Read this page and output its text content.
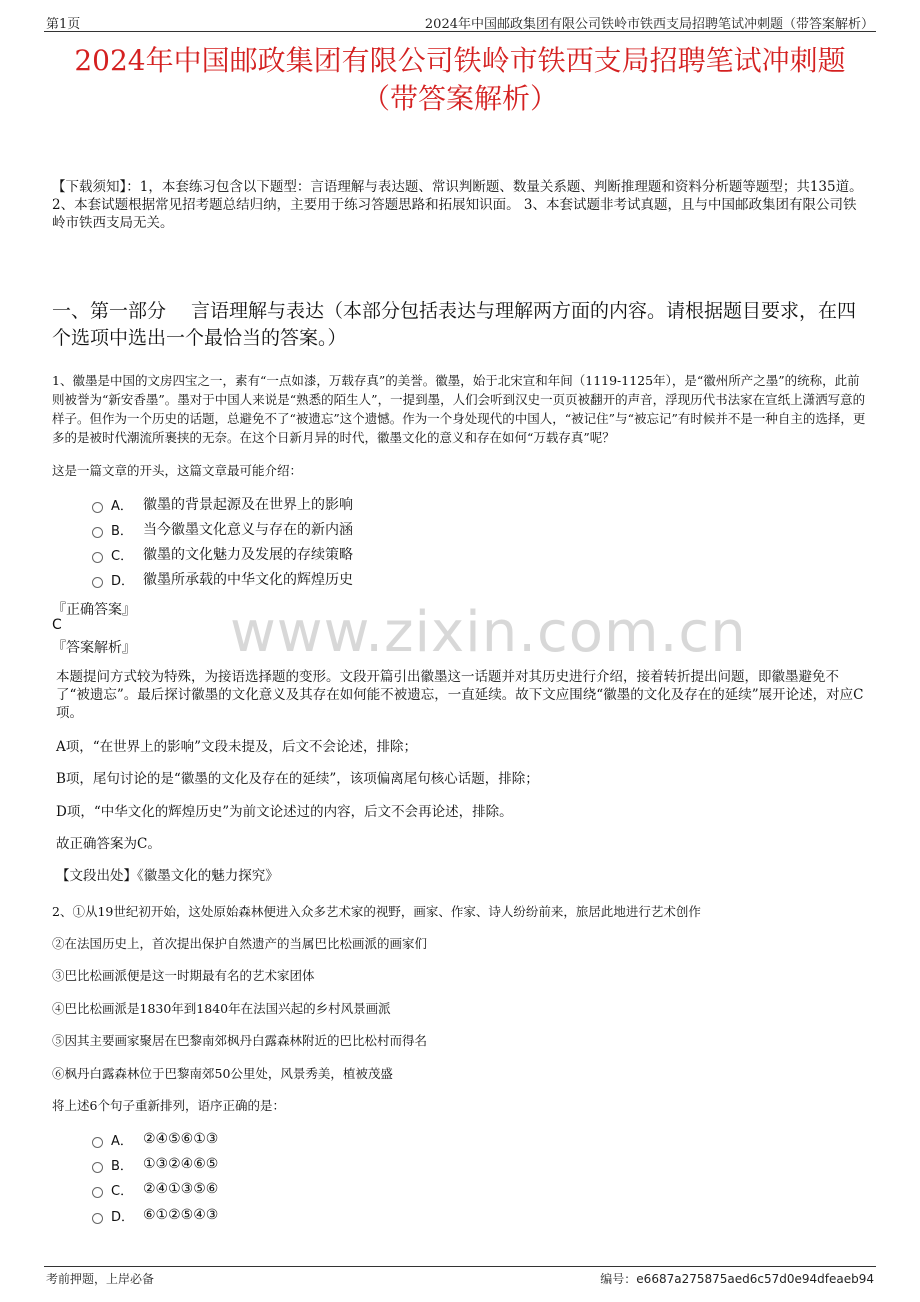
第1页	2024年中国邮政集团有限公司铁岭市铁西支局招聘笔试冲刺题（带答案解析）
www.zixin.com.cn
2024年中国邮政集团有限公司铁岭市铁西支局招聘笔试冲刺题
（带答案解析）
【下载须知】：1，本套练习包含以下题型：言语理解与表达题、常识判断题、数量关系题、判断推理题和资料分析题等题型；共135道。 2、本套试题根据常见招考题总结归纳，主要用于练习答题思路和拓展知识面。 3、本套试题非考试真题，且与中国邮政集团有限公司铁岭市铁西支局无关。
一、第一部分　 言语理解与表达（本部分包括表达与理解两方面的内容。请根据题目要求，在四个选项中选出一个最恰当的答案。）
1、徽墨是中国的文房四宝之一，素有“一点如漆，万载存真”的美誉。徽墨，始于北宋宣和年间（1119-1125年），是“徽州所产之墨”的统称，此前则被誉为“新安香墨”。墨对于中国人来说是“熟悉的陌生人”，一提到墨，人们会听到汉史一页页被翻开的声音，浮现历代书法家在宣纸上潇洒写意的样子。但作为一个历史的话题，总避免不了“被遗忘”这个遗憾。作为一个身处现代的中国人，“被记住”与“被忘记”有时候并不是一种自主的选择，更多的是被时代潮流所裹挟的无奈。在这个日新月异的时代，徽墨文化的意义和存在如何“万载存真”呢？
这是一篇文章的开头，这篇文章最可能介绍：
A． 徽墨的背景起源及在世界上的影响
B． 当今徽墨文化意义与存在的新内涵
C． 徽墨的文化魅力及发展的存续策略
D． 徽墨所承载的中华文化的辉煌历史
『正确答案』
C
『答案解析』
本题提问方式较为特殊，为接语选择题的变形。文段开篇引出徽墨这一话题并对其历史进行介绍，接着转折提出问题，即徽墨避免不了“被遗忘”。最后探讨徽墨的文化意义及其存在如何能不被遗忘，一直延续。故下文应围绕“徽墨的文化及存在的延续”展开论述，对应C项。
A项，“在世界上的影响”文段未提及，后文不会论述，排除；
B项，尾句讨论的是“徽墨的文化及存在的延续”，该项偏离尾句核心话题，排除；
D项，“中华文化的辉煌历史”为前文论述过的内容，后文不会再论述，排除。
故正确答案为C。
【文段出处】《徽墨文化的魅力探究》
2、①从19世纪初开始，这处原始森林便进入众多艺术家的视野，画家、作家、诗人纷纷前来，旅居此地进行艺术创作
②在法国历史上，首次提出保护自然遗产的当属巴比松画派的画家们
③巴比松画派便是这一时期最有名的艺术家团体
④巴比松画派是1830年到1840年在法国兴起的乡村风景画派
⑤因其主要画家聚居在巴黎南郊枫丹白露森林附近的巴比松村而得名
⑥枫丹白露森林位于巴黎南郊50公里处，风景秀美，植被茂盛
将上述6个句子重新排列，语序正确的是：
A． ②④⑤⑥①③
B． ①③②④⑥⑤
C． ②④①③⑤⑥
D． ⑥①②⑤④③
考前押题，上岸必备	编号：e6687a275875aed6c57d0e94dfeaeb94
